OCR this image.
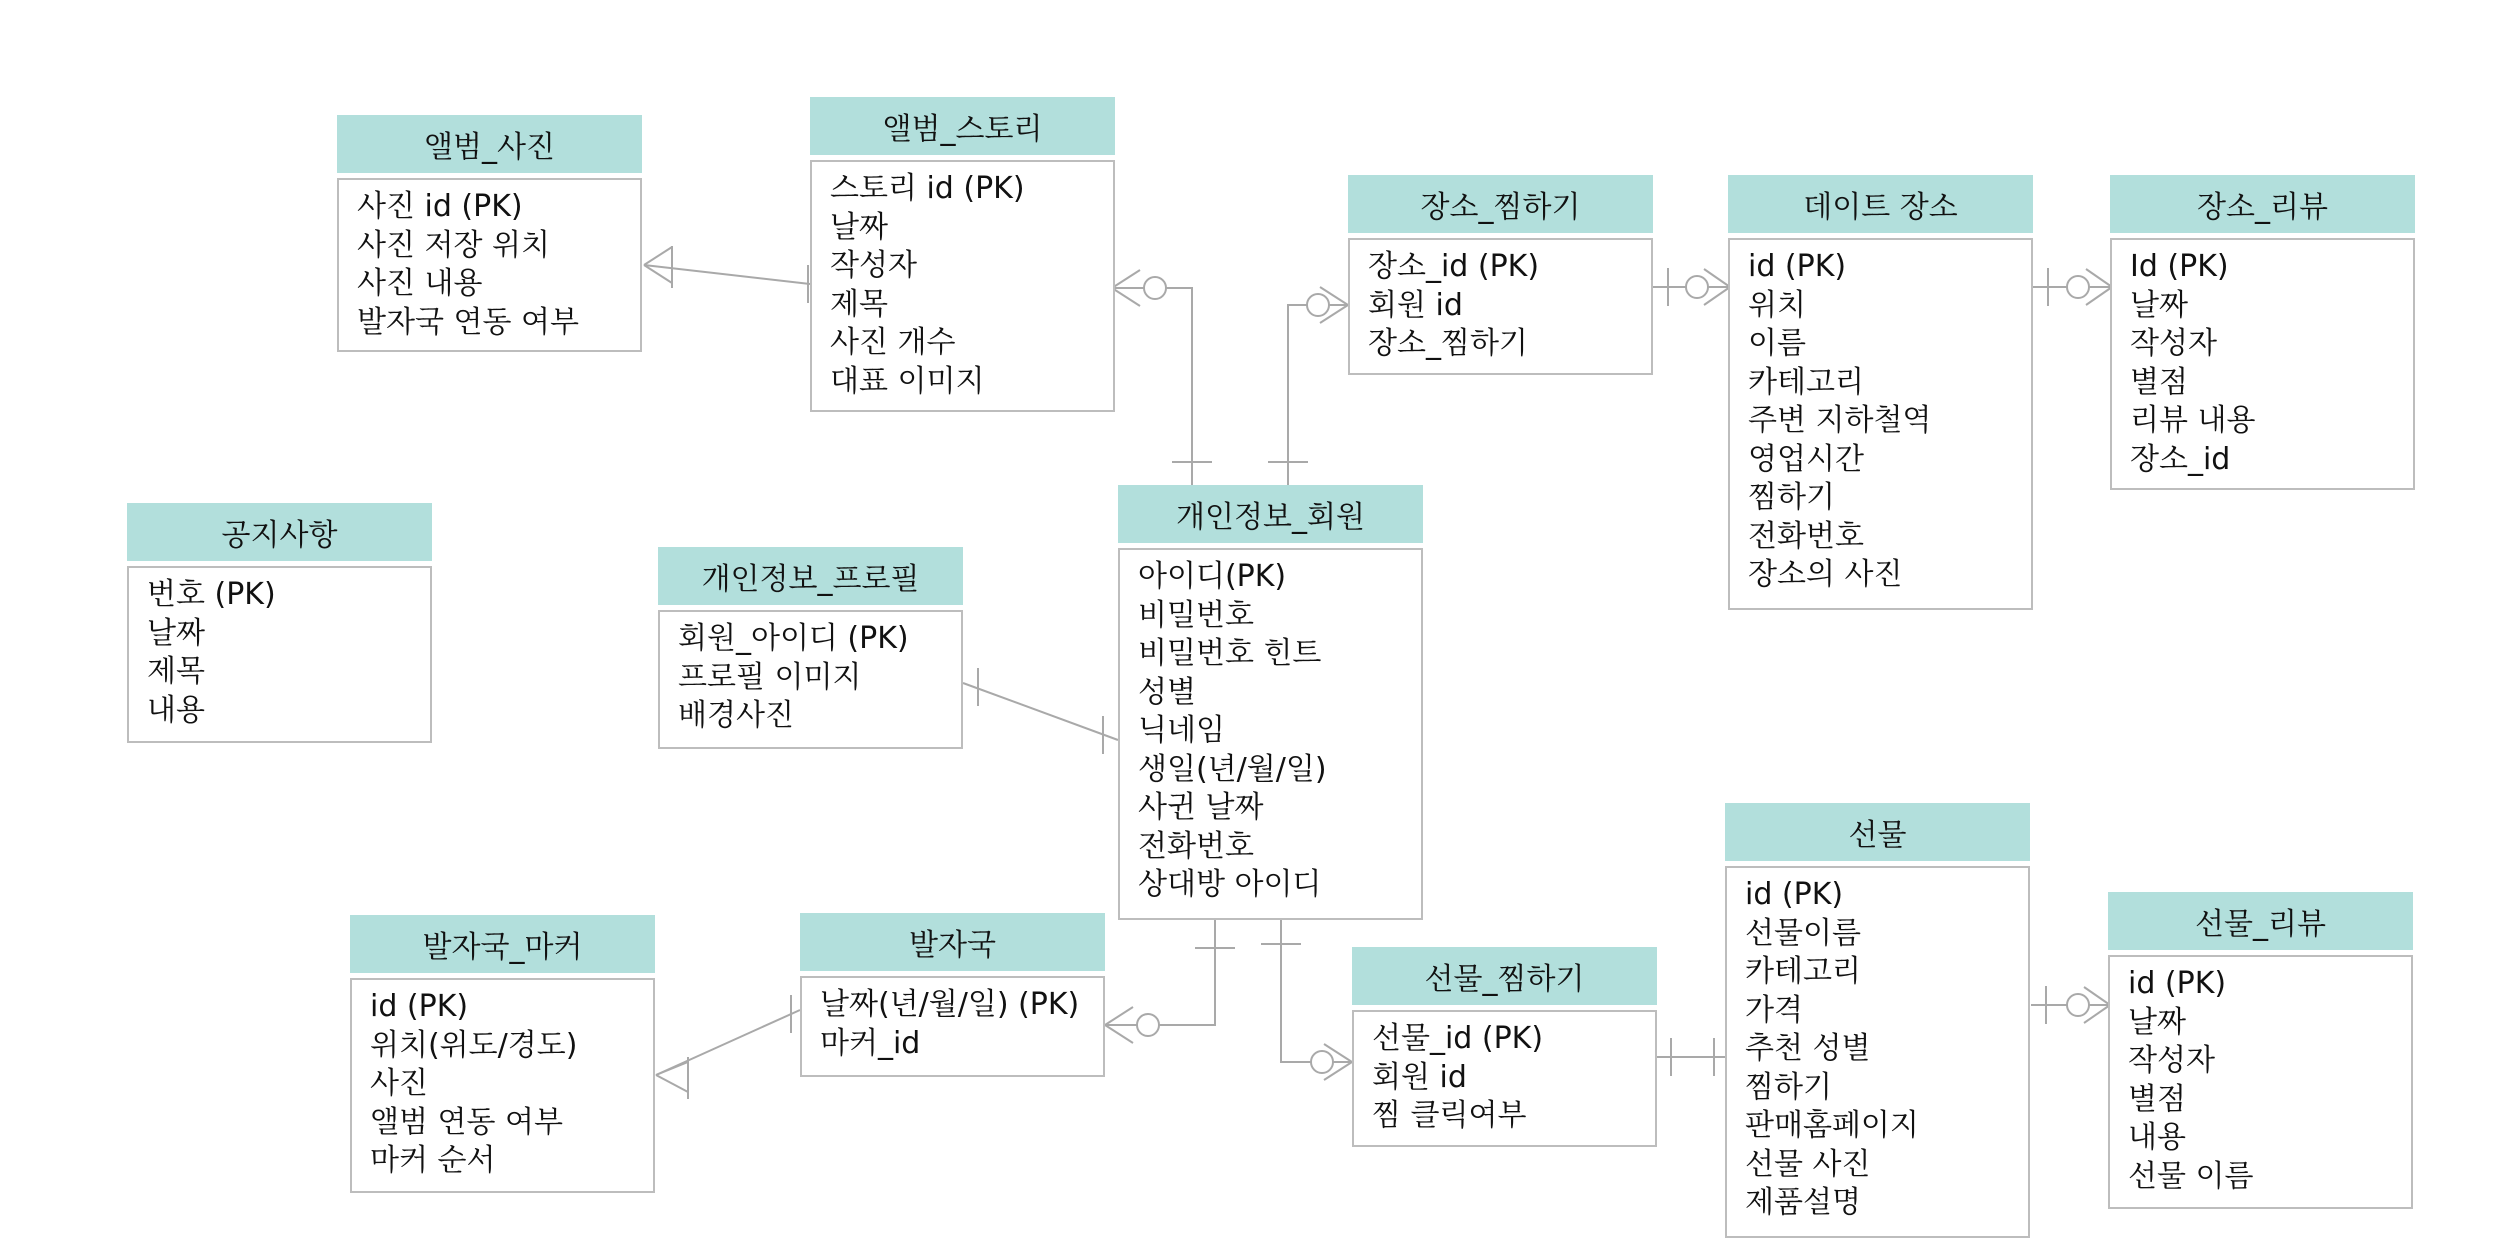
앨범_사진
사진 id (PK)
사진 저장 위치
사진 내용
발자국 연동 여부
앨범_스토리
스토리 id (PK)
날짜
작성자
제목
사진 개수
대표 이미지
장소_찜하기
장소_id (PK)
회원 id
장소_찜하기
데이트 장소
id (PK)
위치
이름
카테고리
주변 지하철역
영업시간
찜하기
전화번호
장소의 사진
장소_리뷰
Id (PK)
날짜
작성자
별점
리뷰 내용
장소_id
공지사항
번호 (PK)
날짜
제목
내용
개인정보_프로필
회원_아이디 (PK)
프로필 이미지
배경사진
개인정보_회원
아이디(PK)
비밀번호
비밀번호 힌트
성별
닉네임
생일(년/월/일)
사귄 날짜
전화번호
상대방 아이디
선물
id (PK)
선물이름
카테고리
가격
추천 성별
찜하기
판매홈페이지
선물 사진
제품설명
선물_리뷰
id (PK)
날짜
작성자
별점
내용
선물 이름
발자국_마커
id (PK)
위치(위도/경도)
사진
앨범 연동 여부
마커 순서
발자국
날짜(년/월/일) (PK)
마커_id
선물_찜하기
선물_id (PK)
회원 id
찜 클릭여부
